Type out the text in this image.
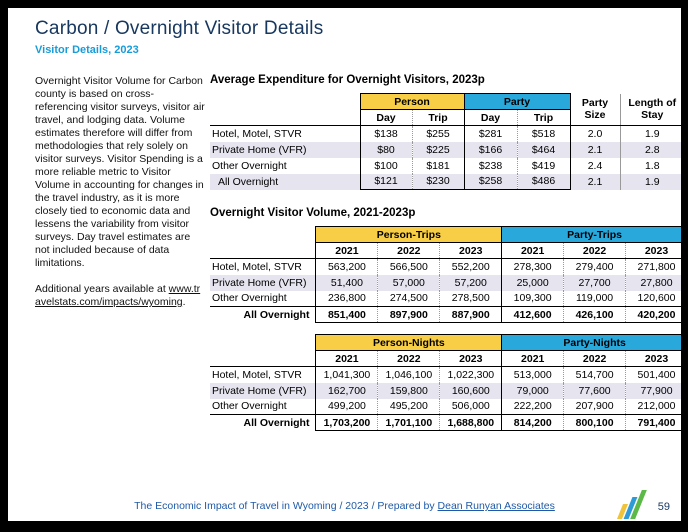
Carbon / Overnight Visitor Details
Visitor Details, 2023

Overnight Visitor Volume for Carbon county is based on cross-referencing visitor surveys, visitor air travel, and lodging data. Volume estimates therefore will differ from methodologies that rely solely on visitor surveys. Visitor Spending is a more reliable metric to Visitor Volume in accounting for changes in the travel industry, as it is more closely tied to economic data and lessens the variability from visitor surveys. Day travel estimates are not included because of data limitations.

Additional years available at www.travelstats.com/impacts/wyoming.

Average Expenditure for Overnight Visitors, 2023p
	Person		Party		Party Size	Length of Stay
	Day	Trip	Day	Trip		
Hotel, Motel, STVR	$138	$255	$281	$518	2.0	1.9
Private Home (VFR)	$80	$225	$166	$464	2.1	2.8
Other Overnight	$100	$181	$238	$419	2.4	1.8
All Overnight	$121	$230	$258	$486	2.1	1.9
Overnight Visitor Volume, 2021-2023p
	Person-Trips			Party-Trips		
	2021	2022	2023	2021	2022	2023
Hotel, Motel, STVR	563,200	566,500	552,200	278,300	279,400	271,800
Private Home (VFR)	51,400	57,000	57,200	25,000	27,700	27,800
Other Overnight	236,800	274,500	278,500	109,300	119,000	120,600
All Overnight	851,400	897,900	887,900	412,600	426,100	420,200
	Person-Nights			Party-Nights		
	2021	2022	2023	2021	2022	2023
Hotel, Motel, STVR	1,041,300	1,046,100	1,022,300	513,000	514,700	501,400
Private Home (VFR)	162,700	159,800	160,600	79,000	77,600	77,900
Other Overnight	499,200	495,200	506,000	222,200	207,900	212,000
All Overnight	1,703,200	1,701,100	1,688,800	814,200	800,100	791,400
The Economic Impact of Travel in Wyoming / 2023 / Prepared by Dean Runyan Associates	59
